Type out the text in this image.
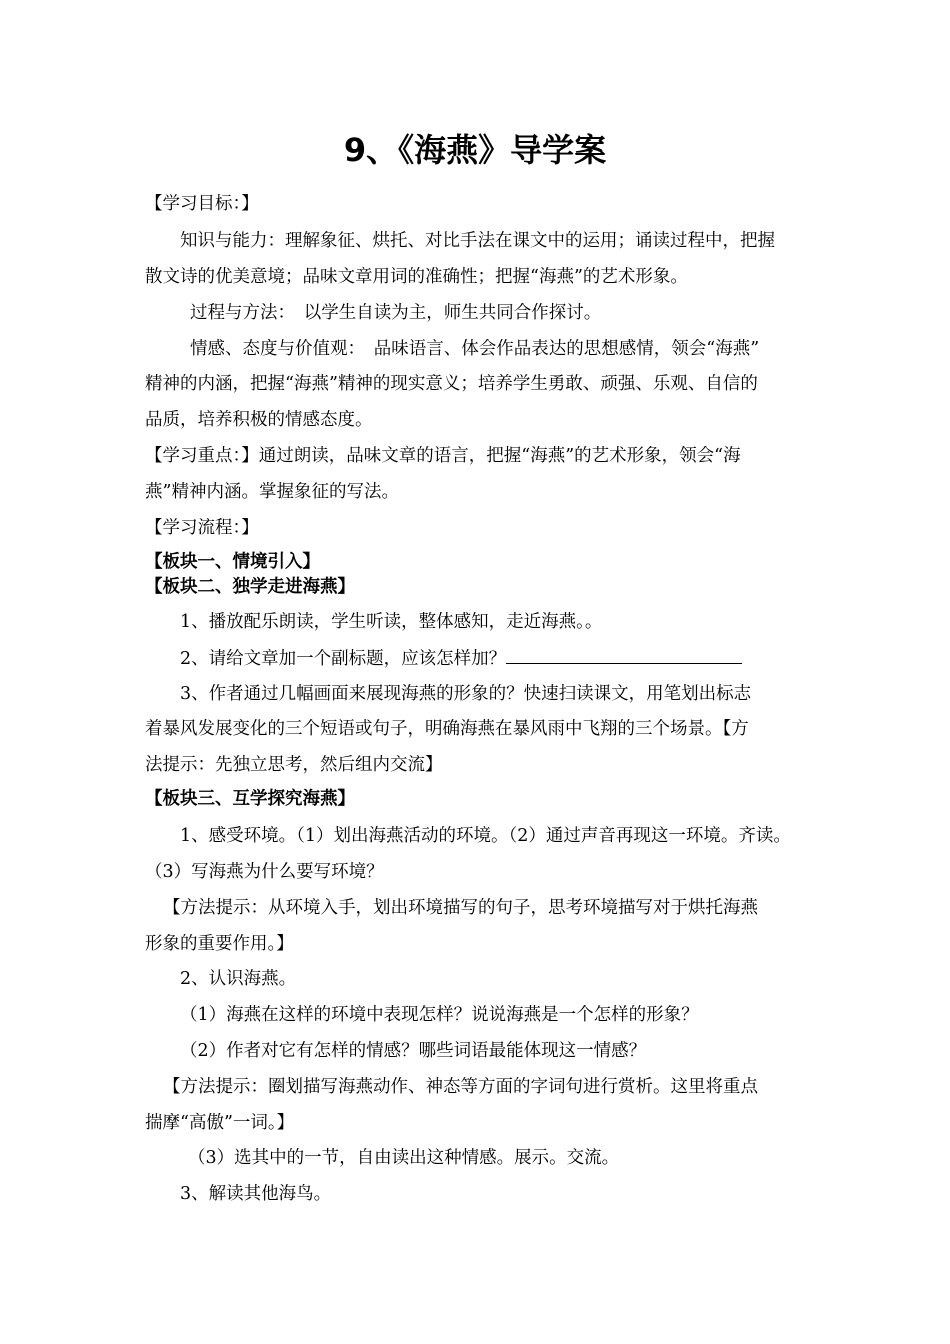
9、《海燕》导学案

【学习目标：】

知识与能力：理解象征、烘托、对比手法在课文中的运用；诵读过程中，把握

散文诗的优美意境；品味文章用词的准确性；把握“海燕”的艺术形象。

过程与方法：　以学生自读为主，师生共同合作探讨。

情感、态度与价值观：　品味语言、体会作品表达的思想感情，领会“海燕”

精神的内涵，把握“海燕”精神的现实意义；培养学生勇敢、顽强、乐观、自信的

品质，培养积极的情感态度。

【学习重点：】通过朗读，品味文章的语言，把握“海燕”的艺术形象，领会“海

燕”精神内涵。掌握象征的写法。

【学习流程：】

【板块一、情境引入】

【板块二、独学走进海燕】

1、播放配乐朗读，学生听读，整体感知，走近海燕。。

2、请给文章加一个副标题，应该怎样加？

3、作者通过几幅画面来展现海燕的形象的？快速扫读课文，用笔划出标志

着暴风发展变化的三个短语或句子，明确海燕在暴风雨中飞翔的三个场景。【方

法提示：先独立思考，然后组内交流】

【板块三、互学探究海燕】

1、感受环境。（1）划出海燕活动的环境。（2）通过声音再现这一环境。齐读。

（3）写海燕为什么要写环境？

【方法提示：从环境入手，划出环境描写的句子，思考环境描写对于烘托海燕

形象的重要作用。】

2、认识海燕。

（1）海燕在这样的环境中表现怎样？说说海燕是一个怎样的形象？

（2）作者对它有怎样的情感？哪些词语最能体现这一情感？

【方法提示：圈划描写海燕动作、神态等方面的字词句进行赏析。这里将重点

揣摩“高傲”一词。】

（3）选其中的一节，自由读出这种情感。展示。交流。

3、解读其他海鸟。
